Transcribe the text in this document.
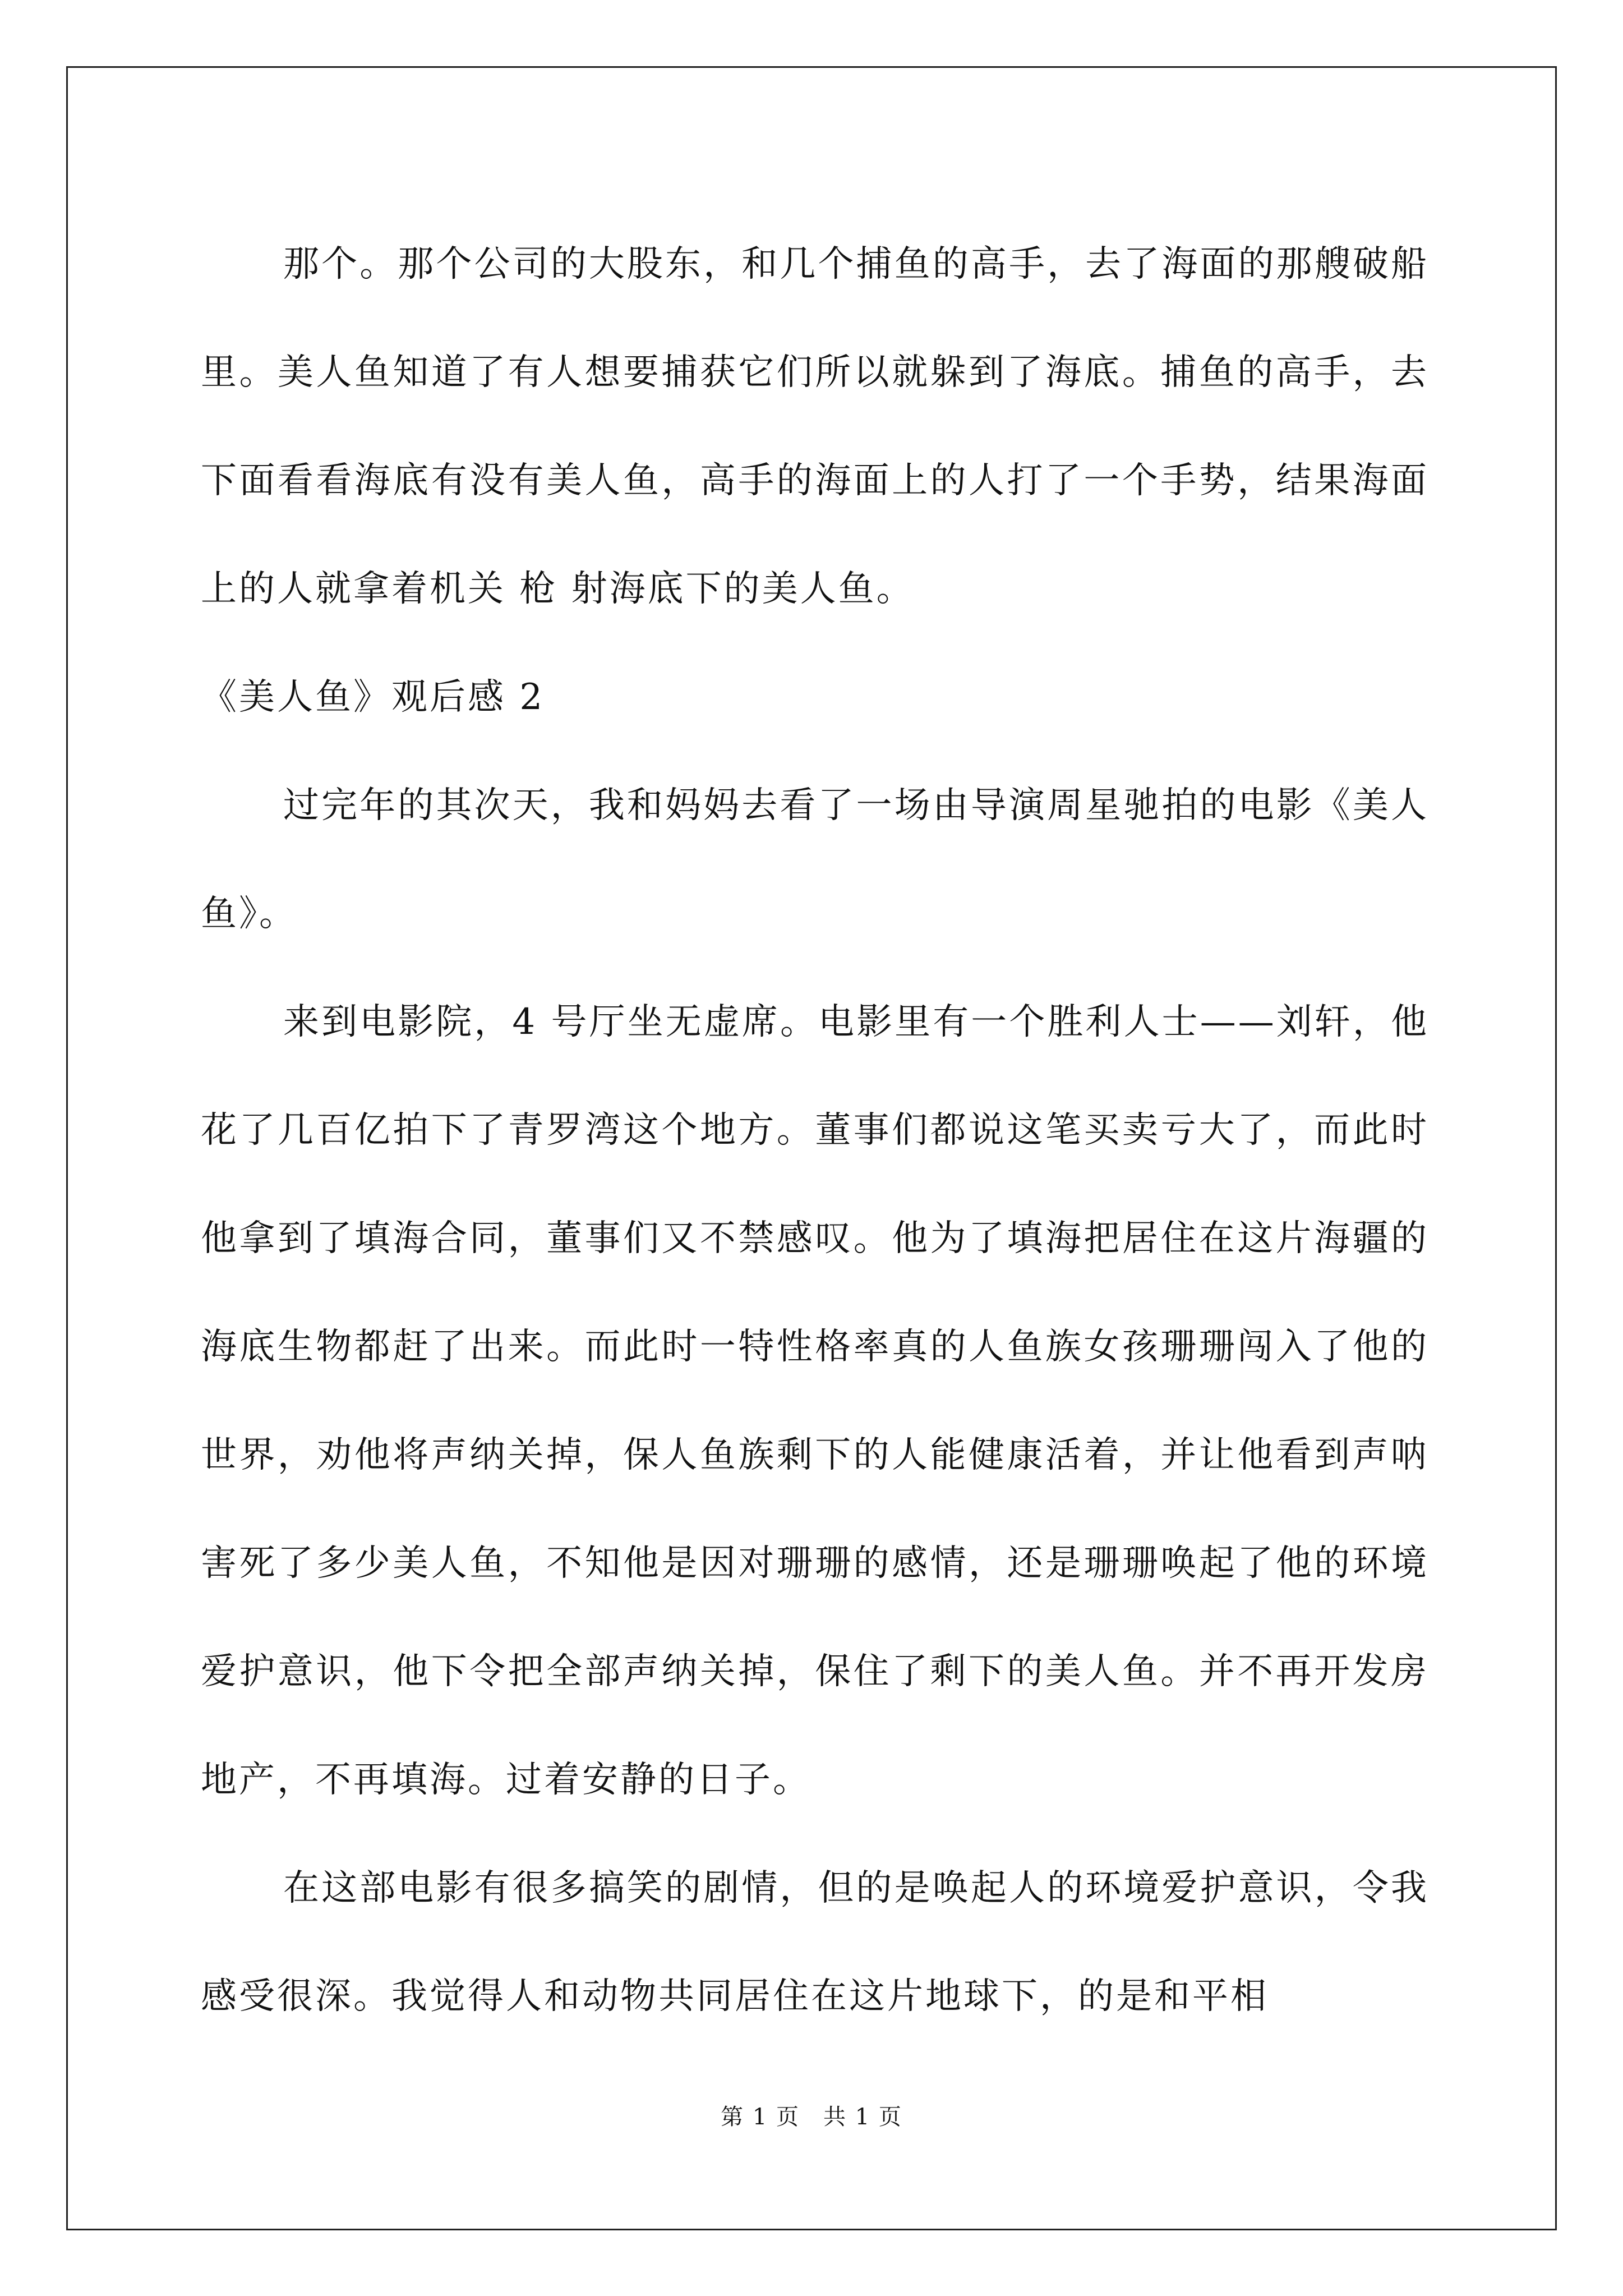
那个。那个公司的大股东，和几个捕鱼的高手，去了海面的那艘破船里。美人鱼知道了有人想要捕获它们所以就躲到了海底。捕鱼的高手，去下面看看海底有没有美人鱼，高手的海面上的人打了一个手势，结果海面上的人就拿着机关 枪 射海底下的美人鱼。

《美人鱼》观后感 2

过完年的其次天，我和妈妈去看了一场由导演周星驰拍的电影《美人鱼》。

来到电影院，4 号厅坐无虚席。电影里有一个胜利人士——刘轩，他花了几百亿拍下了青罗湾这个地方。董事们都说这笔买卖亏大了，而此时他拿到了填海合同，董事们又不禁感叹。他为了填海把居住在这片海疆的海底生物都赶了出来。而此时一特性格率真的人鱼族女孩珊珊闯入了他的世界，劝他将声纳关掉，保人鱼族剩下的人能健康活着，并让他看到声呐害死了多少美人鱼，不知他是因对珊珊的感情，还是珊珊唤起了他的环境爱护意识，他下令把全部声纳关掉，保住了剩下的美人鱼。并不再开发房地产，不再填海。过着安静的日子。

在这部电影有很多搞笑的剧情，但的是唤起人的环境爱护意识，令我感受很深。我觉得人和动物共同居住在这片地球下，的是和平相

第 1 页　共 1 页
